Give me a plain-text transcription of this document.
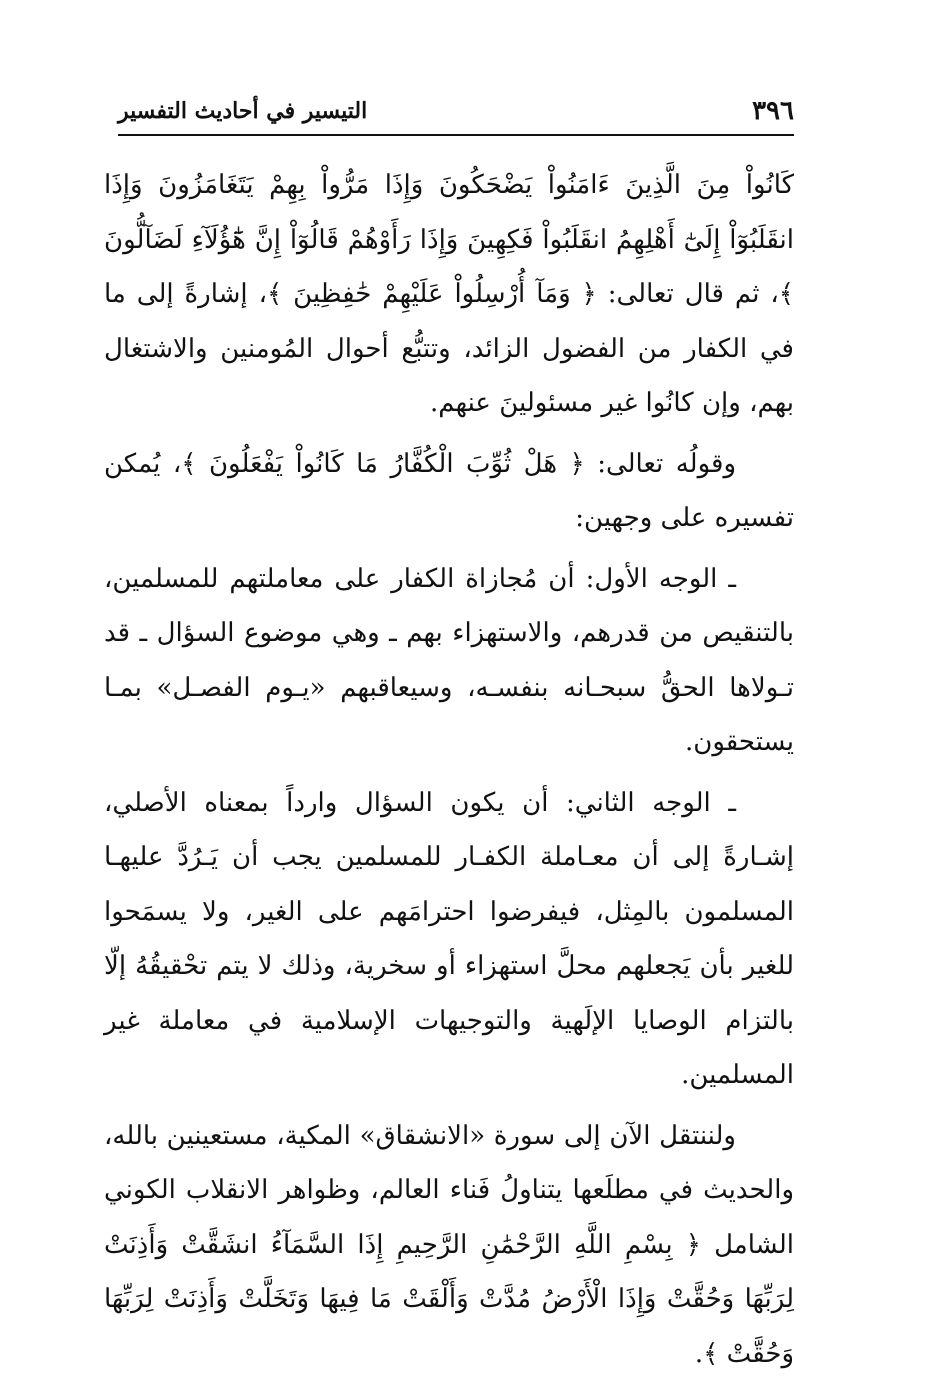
٣٩٦
التيسير في أحاديث التفسير

كَانُواْ مِنَ الَّذِينَ ءَامَنُواْ يَضْحَكُونَ وَإِذَا مَرُّواْ بِهِمْ يَتَغَامَزُونَ وَإِذَا انقَلَبُوٓاْ إِلَىٰٓ أَهْلِهِمُ انقَلَبُواْ فَكِهِينَ وَإِذَا رَأَوْهُمْ قَالُوٓاْ إِنَّ هَٰٓؤُلَآءِ لَضَآلُّونَ ﴾، ثم قال تعالى: ﴿ وَمَآ أُرْسِلُواْ عَلَيْهِمْ حَٰفِظِينَ ﴾، إشارةً إلى ما في الكفار من الفضول الزائد، وتتبُّع أحوال المُومنين والاشتغال بهم، وإن كانُوا غير مسئولينَ عنهم.

وقولُه تعالى: ﴿ هَلْ ثُوِّبَ الْكُفَّارُ مَا كَانُواْ يَفْعَلُونَ ﴾، يُمكن تفسيره على وجهين:

ـ الوجه الأول: أن مُجازاة الكفار على معاملتهم للمسلمين، بالتنقيص من قدرهم، والاستهزاء بهم ـ وهي موضوع السؤال ـ قد تـولاها الحقُّ سبحـانه بنفسـه، وسيعاقبهم «يـوم الفصـل» بمـا يستحقون.

ـ الوجه الثاني: أن يكون السؤال وارداً بمعناه الأصلي، إشـارةً إلى أن معـاملة الكفـار للمسلمين يجب أن يَـرُدَّ عليهـا المسلمون بالمِثل، فيفرضوا احترامَهم على الغير، ولا يسمَحوا للغير بأن يَجعلهم محلَّ استهزاء أو سخرية، وذلك لا يتم تحْقيقُهُ إلّا بالتزام الوصايا الإلَهية والتوجيهات الإسلامية في معاملة غير المسلمين.

ولننتقل الآن إلى سورة «الانشقاق» المكية، مستعينين بالله، والحديث في مطلَعها يتناولُ فَناء العالم، وظواهر الانقلاب الكوني الشامل ﴿ بِسْمِ اللَّهِ الرَّحْمَٰنِ الرَّحِيمِ إِذَا السَّمَآءُ انشَقَّتْ وَأَذِنَتْ لِرَبِّهَا وَحُقَّتْ وَإِذَا الْأَرْضُ مُدَّتْ وَأَلْقَتْ مَا فِيهَا وَتَخَلَّتْ وَأَذِنَتْ لِرَبِّهَا وَحُقَّتْ ﴾.
